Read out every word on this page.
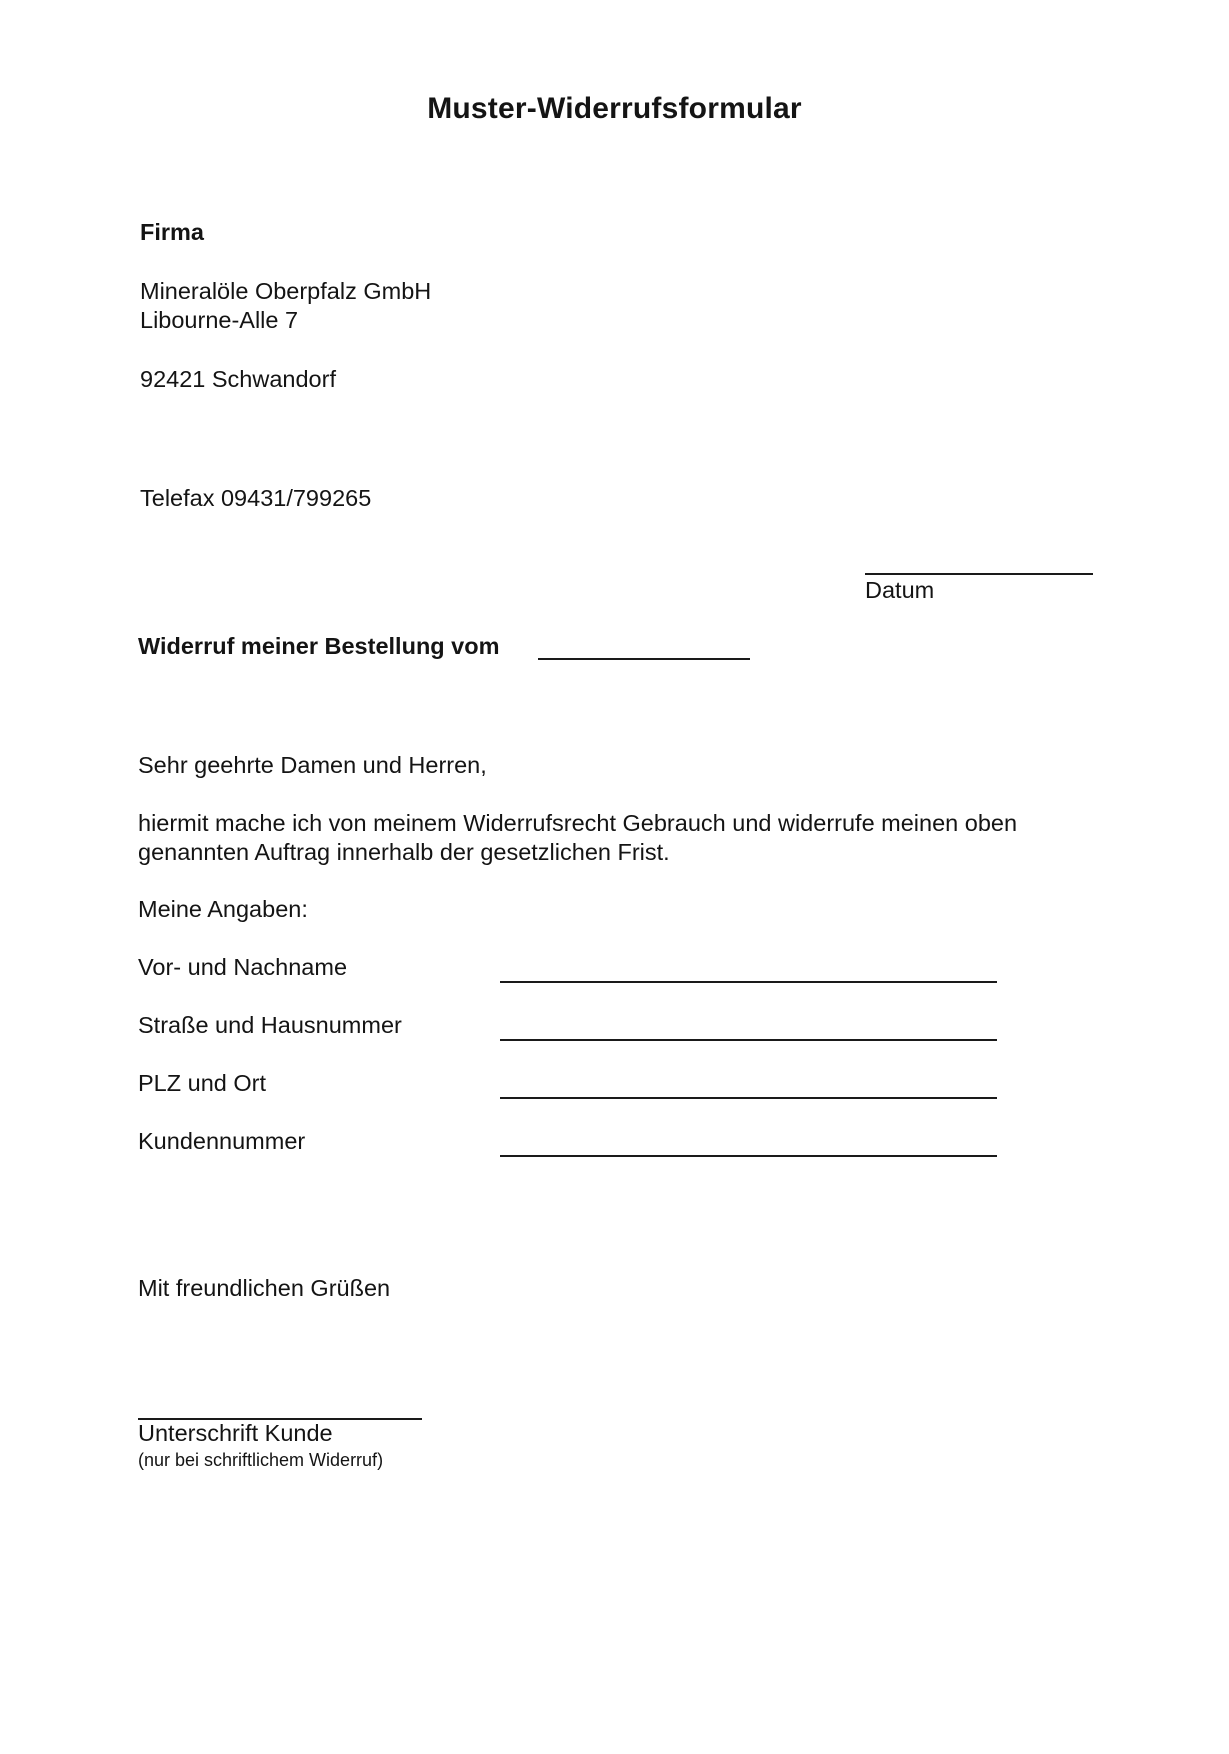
Muster-Widerrufsformular
Firma
Mineralöle Oberpfalz GmbH
Libourne-Alle 7
92421 Schwandorf
Telefax 09431/799265
Datum
Widerruf meiner Bestellung vom
Sehr geehrte Damen und Herren,
hiermit mache ich von meinem Widerrufsrecht Gebrauch und widerrufe meinen oben
genannten Auftrag innerhalb der gesetzlichen Frist.
Meine Angaben:
Vor- und Nachname
Straße und Hausnummer
PLZ und Ort
Kundennummer
Mit freundlichen Grüßen
Unterschrift Kunde
(nur bei schriftlichem Widerruf)
